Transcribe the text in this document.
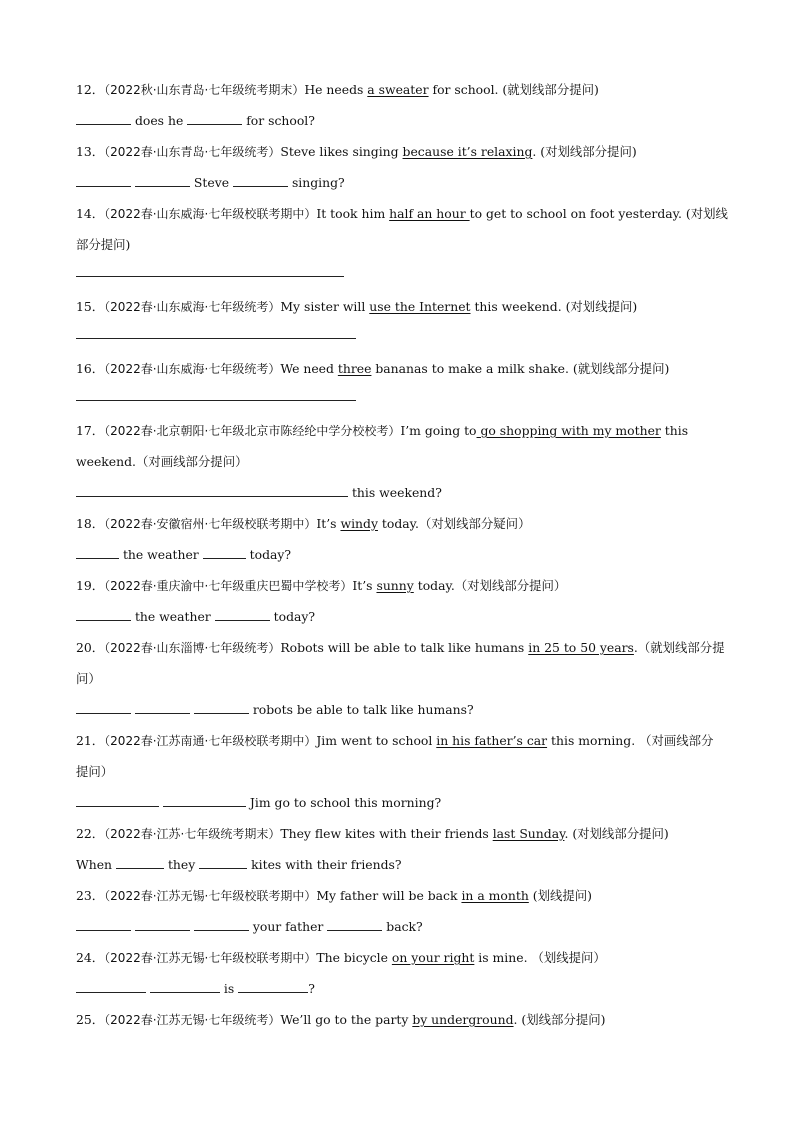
12．（2022秋·山东青岛·七年级统考期末）He needs a sweater for school. (就划线部分提问)
does he	for school?
13．（2022春·山东青岛·七年级统考）Steve likes singing because it’s relaxing. (对划线部分提问)
Steve	singing?
14．（2022春·山东威海·七年级校联考期中）It took him half an hour to get to school on foot yesterday. (对划线
部分提问)
15．（2022春·山东威海·七年级统考）My sister will use the Internet this weekend. (对划线提问)
16．（2022春·山东威海·七年级统考）We need three bananas to make a milk shake. (就划线部分提问)
17．（2022春·北京朝阳·七年级北京市陈经纶中学分校校考）I’m going to go shopping with my mother this
weekend.（对画线部分提问）
this weekend?
18．（2022春·安徽宿州·七年级校联考期中）It’s windy today.（对划线部分疑问）
the weather	today?
19．（2022春·重庆渝中·七年级重庆巴蜀中学校考）It’s sunny today.（对划线部分提问）
the weather	today?
20．（2022春·山东淄博·七年级统考）Robots will be able to talk like humans in 25 to 50 years.（就划线部分提
问）
robots be able to talk like humans?
21．（2022春·江苏南通·七年级校联考期中）Jim went to school in his father’s car this morning. （对画线部分
提问）
Jim go to school this morning?
22．（2022春·江苏·七年级统考期末）They flew kites with their friends last Sunday. (对划线部分提问)
When	they	kites with their friends?
23．（2022春·江苏无锡·七年级校联考期中）My father will be back in a month (划线提问)
your father	back?
24．（2022春·江苏无锡·七年级校联考期中）The bicycle on your right is mine. （划线提问）
is	?
25．（2022春·江苏无锡·七年级统考）We’ll go to the party by underground. (划线部分提问)
